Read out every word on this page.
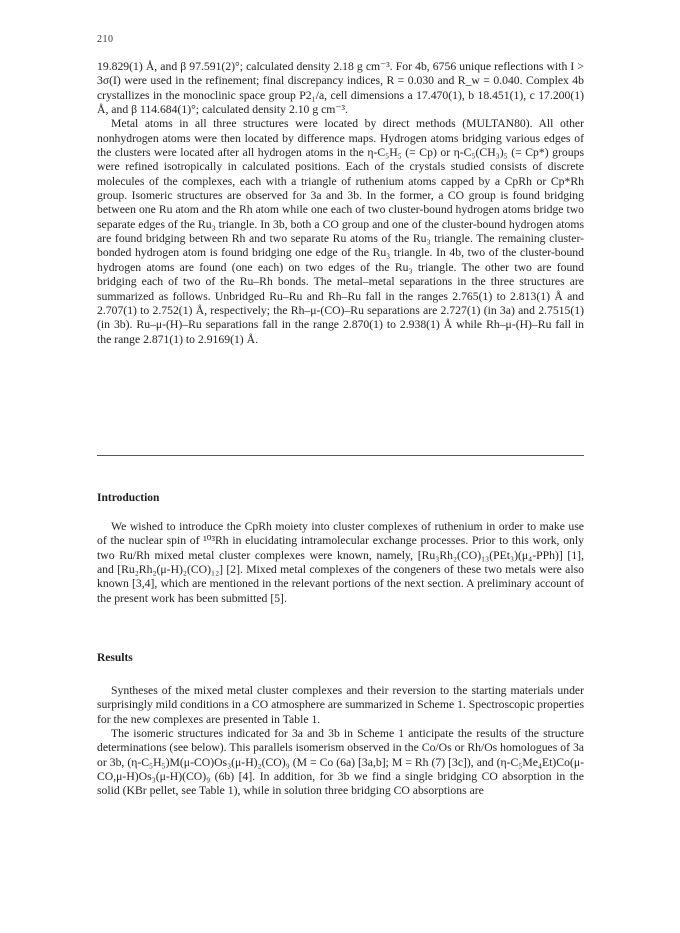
210

19.829(1) Å, and β 97.591(2)°; calculated density 2.18 g cm⁻³. For 4b, 6756 unique reflections with I > 3σ(I) were used in the refinement; final discrepancy indices, R = 0.030 and R_w = 0.040. Complex 4b crystallizes in the monoclinic space group P2₁/a, cell dimensions a 17.470(1), b 18.451(1), c 17.200(1) Å, and β 114.684(1)°; calculated density 2.10 g cm⁻³.

Metal atoms in all three structures were located by direct methods (MULTAN80). All other nonhydrogen atoms were then located by difference maps. Hydrogen atoms bridging various edges of the clusters were located after all hydrogen atoms in the η-C₅H₅ (= Cp) or η-C₅(CH₃)₅ (= Cp*) groups were refined isotropically in calculated positions. Each of the crystals studied consists of discrete molecules of the complexes, each with a triangle of ruthenium atoms capped by a CpRh or Cp*Rh group. Isomeric structures are observed for 3a and 3b. In the former, a CO group is found bridging between one Ru atom and the Rh atom while one each of two cluster-bound hydrogen atoms bridge two separate edges of the Ru₃ triangle. In 3b, both a CO group and one of the cluster-bound hydrogen atoms are found bridging between Rh and two separate Ru atoms of the Ru₃ triangle. The remaining cluster-bonded hydrogen atom is found bridging one edge of the Ru₃ triangle. In 4b, two of the cluster-bound hydrogen atoms are found (one each) on two edges of the Ru₃ triangle. The other two are found bridging each of two of the Ru–Rh bonds. The metal–metal separations in the three structures are summarized as follows. Unbridged Ru–Ru and Rh–Ru fall in the ranges 2.765(1) to 2.813(1) Å and 2.707(1) to 2.752(1) Å, respectively; the Rh–μ-(CO)–Ru separations are 2.727(1) (in 3a) and 2.7515(1) (in 3b). Ru–μ-(H)–Ru separations fall in the range 2.870(1) to 2.938(1) Å while Rh–μ-(H)–Ru fall in the range 2.871(1) to 2.9169(1) Å.

Introduction

We wished to introduce the CpRh moiety into cluster complexes of ruthenium in order to make use of the nuclear spin of ¹⁰³Rh in elucidating intramolecular exchange processes. Prior to this work, only two Ru/Rh mixed metal cluster complexes were known, namely, [Ru₃Rh₂(CO)₁₃(PEt₃)(μ₄-PPh)] [1], and [Ru₂Rh₂(μ-H)₂(CO)₁₂] [2]. Mixed metal complexes of the congeners of these two metals were also known [3,4], which are mentioned in the relevant portions of the next section. A preliminary account of the present work has been submitted [5].

Results

Syntheses of the mixed metal cluster complexes and their reversion to the starting materials under surprisingly mild conditions in a CO atmosphere are summarized in Scheme 1. Spectroscopic properties for the new complexes are presented in Table 1.

The isomeric structures indicated for 3a and 3b in Scheme 1 anticipate the results of the structure determinations (see below). This parallels isomerism observed in the Co/Os or Rh/Os homologues of 3a or 3b, (η-C₅H₅)M(μ-CO)Os₃(μ-H)₂(CO)₉ (M = Co (6a) [3a,b]; M = Rh (7) [3c]), and (η-C₅Me₄Et)Co(μ-CO,μ-H)Os₃(μ-H)(CO)₉ (6b) [4]. In addition, for 3b we find a single bridging CO absorption in the solid (KBr pellet, see Table 1), while in solution three bridging CO absorptions are
